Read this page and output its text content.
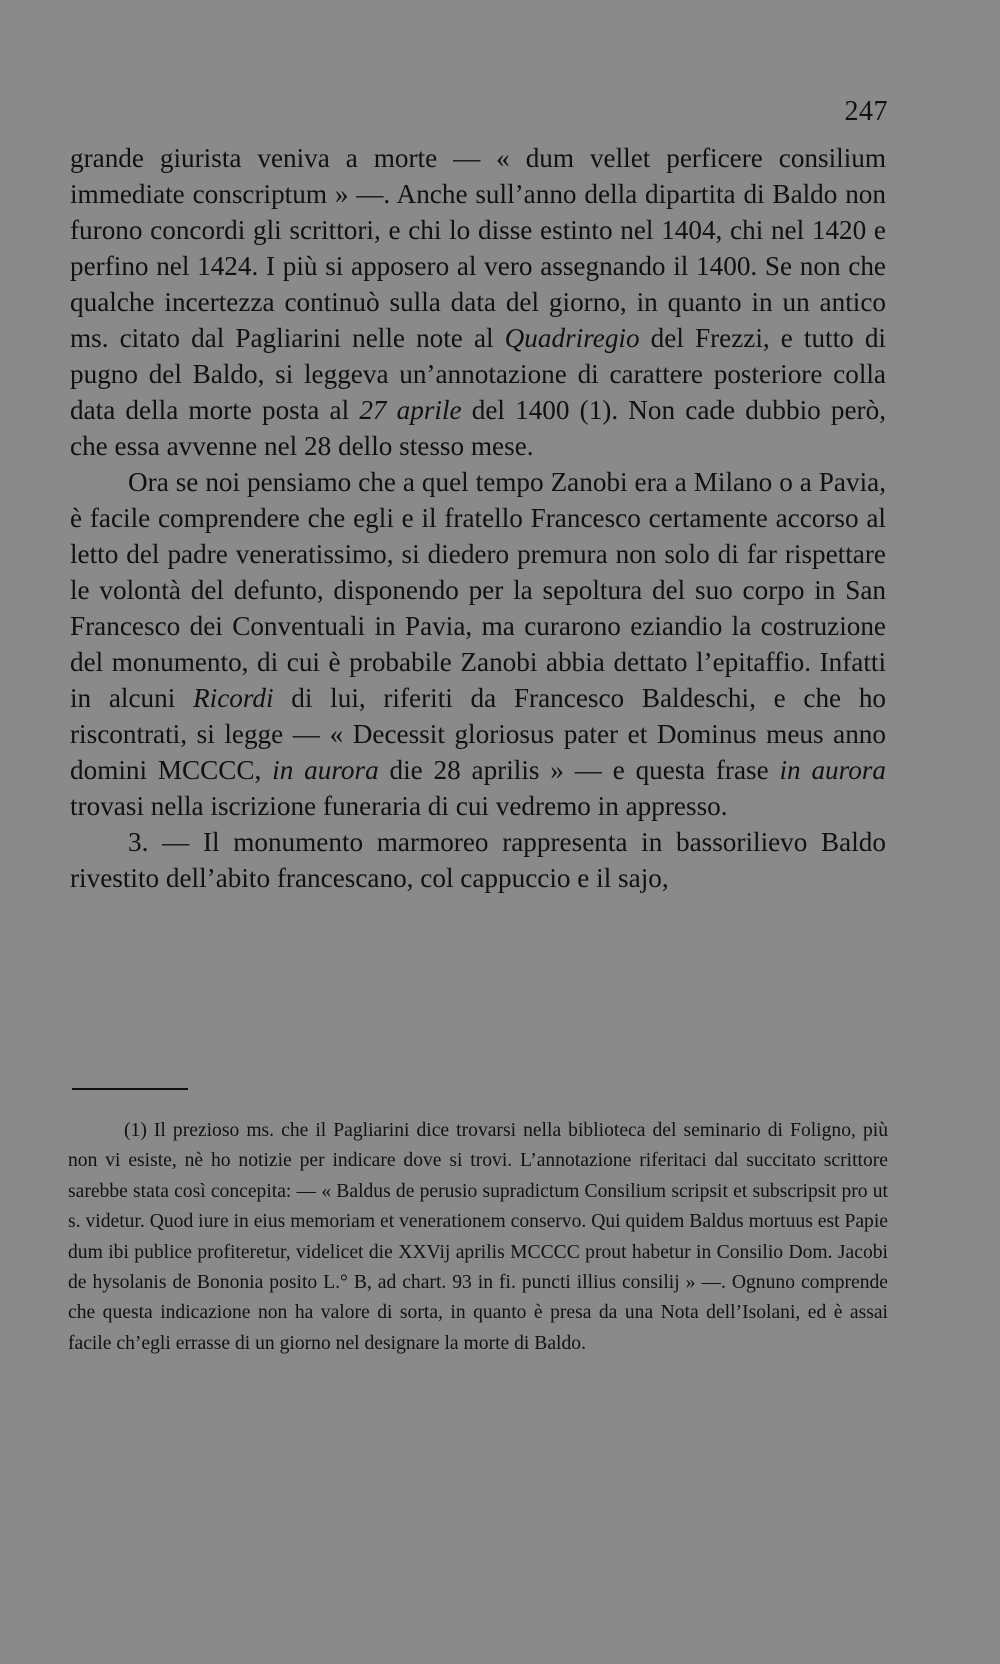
247

grande giurista veniva a morte — « dum vellet perficere consilium immediate conscriptum » —. Anche sull’anno della dipartita di Baldo non furono concordi gli scrittori, e chi lo disse estinto nel 1404, chi nel 1420 e perfino nel 1424. I più si apposero al vero assegnando il 1400. Se non che qualche incertezza continuò sulla data del giorno, in quanto in un antico ms. citato dal Pagliarini nelle note al Quadriregio del Frezzi, e tutto di pugno del Baldo, si leggeva un’annotazione di carattere posteriore colla data della morte posta al 27 aprile del 1400 (1). Non cade dubbio però, che essa avvenne nel 28 dello stesso mese.

Ora se noi pensiamo che a quel tempo Zanobi era a Milano o a Pavia, è facile comprendere che egli e il fratello Francesco certamente accorso al letto del padre veneratissimo, si diedero premura non solo di far rispettare le volontà del defunto, disponendo per la sepoltura del suo corpo in San Francesco dei Conventuali in Pavia, ma curarono eziandio la costruzione del monumento, di cui è probabile Zanobi abbia dettato l’epitaffio. Infatti in alcuni Ricordi di lui, riferiti da Francesco Baldeschi, e che ho riscontrati, si legge — « Decessit gloriosus pater et Dominus meus anno domini MCCCC, in aurora die 28 aprilis » — e questa frase in aurora trovasi nella iscrizione funeraria di cui vedremo in appresso.

3. — Il monumento marmoreo rappresenta in bassorilievo Baldo rivestito dell’abito francescano, col cappuccio e il sajo,

(1) Il prezioso ms. che il Pagliarini dice trovarsi nella biblioteca del seminario di Foligno, più non vi esiste, nè ho notizie per indicare dove si trovi. L’annotazione riferitaci dal succitato scrittore sarebbe stata così concepita: — « Baldus de perusio supradictum Consilium scripsit et subscripsit pro ut s. videtur. Quod iure in eius memoriam et venerationem conservo. Qui quidem Baldus mortuus est Papie dum ibi publice profiteretur, videlicet die XXVij aprilis MCCCC prout habetur in Consilio Dom. Jacobi de hysolanis de Bononia posito L.° B, ad chart. 93 in fi. puncti illius consilij » —. Ognuno comprende che questa indicazione non ha valore di sorta, in quanto è presa da una Nota dell’Isolani, ed è assai facile ch’egli errasse di un giorno nel designare la morte di Baldo.
